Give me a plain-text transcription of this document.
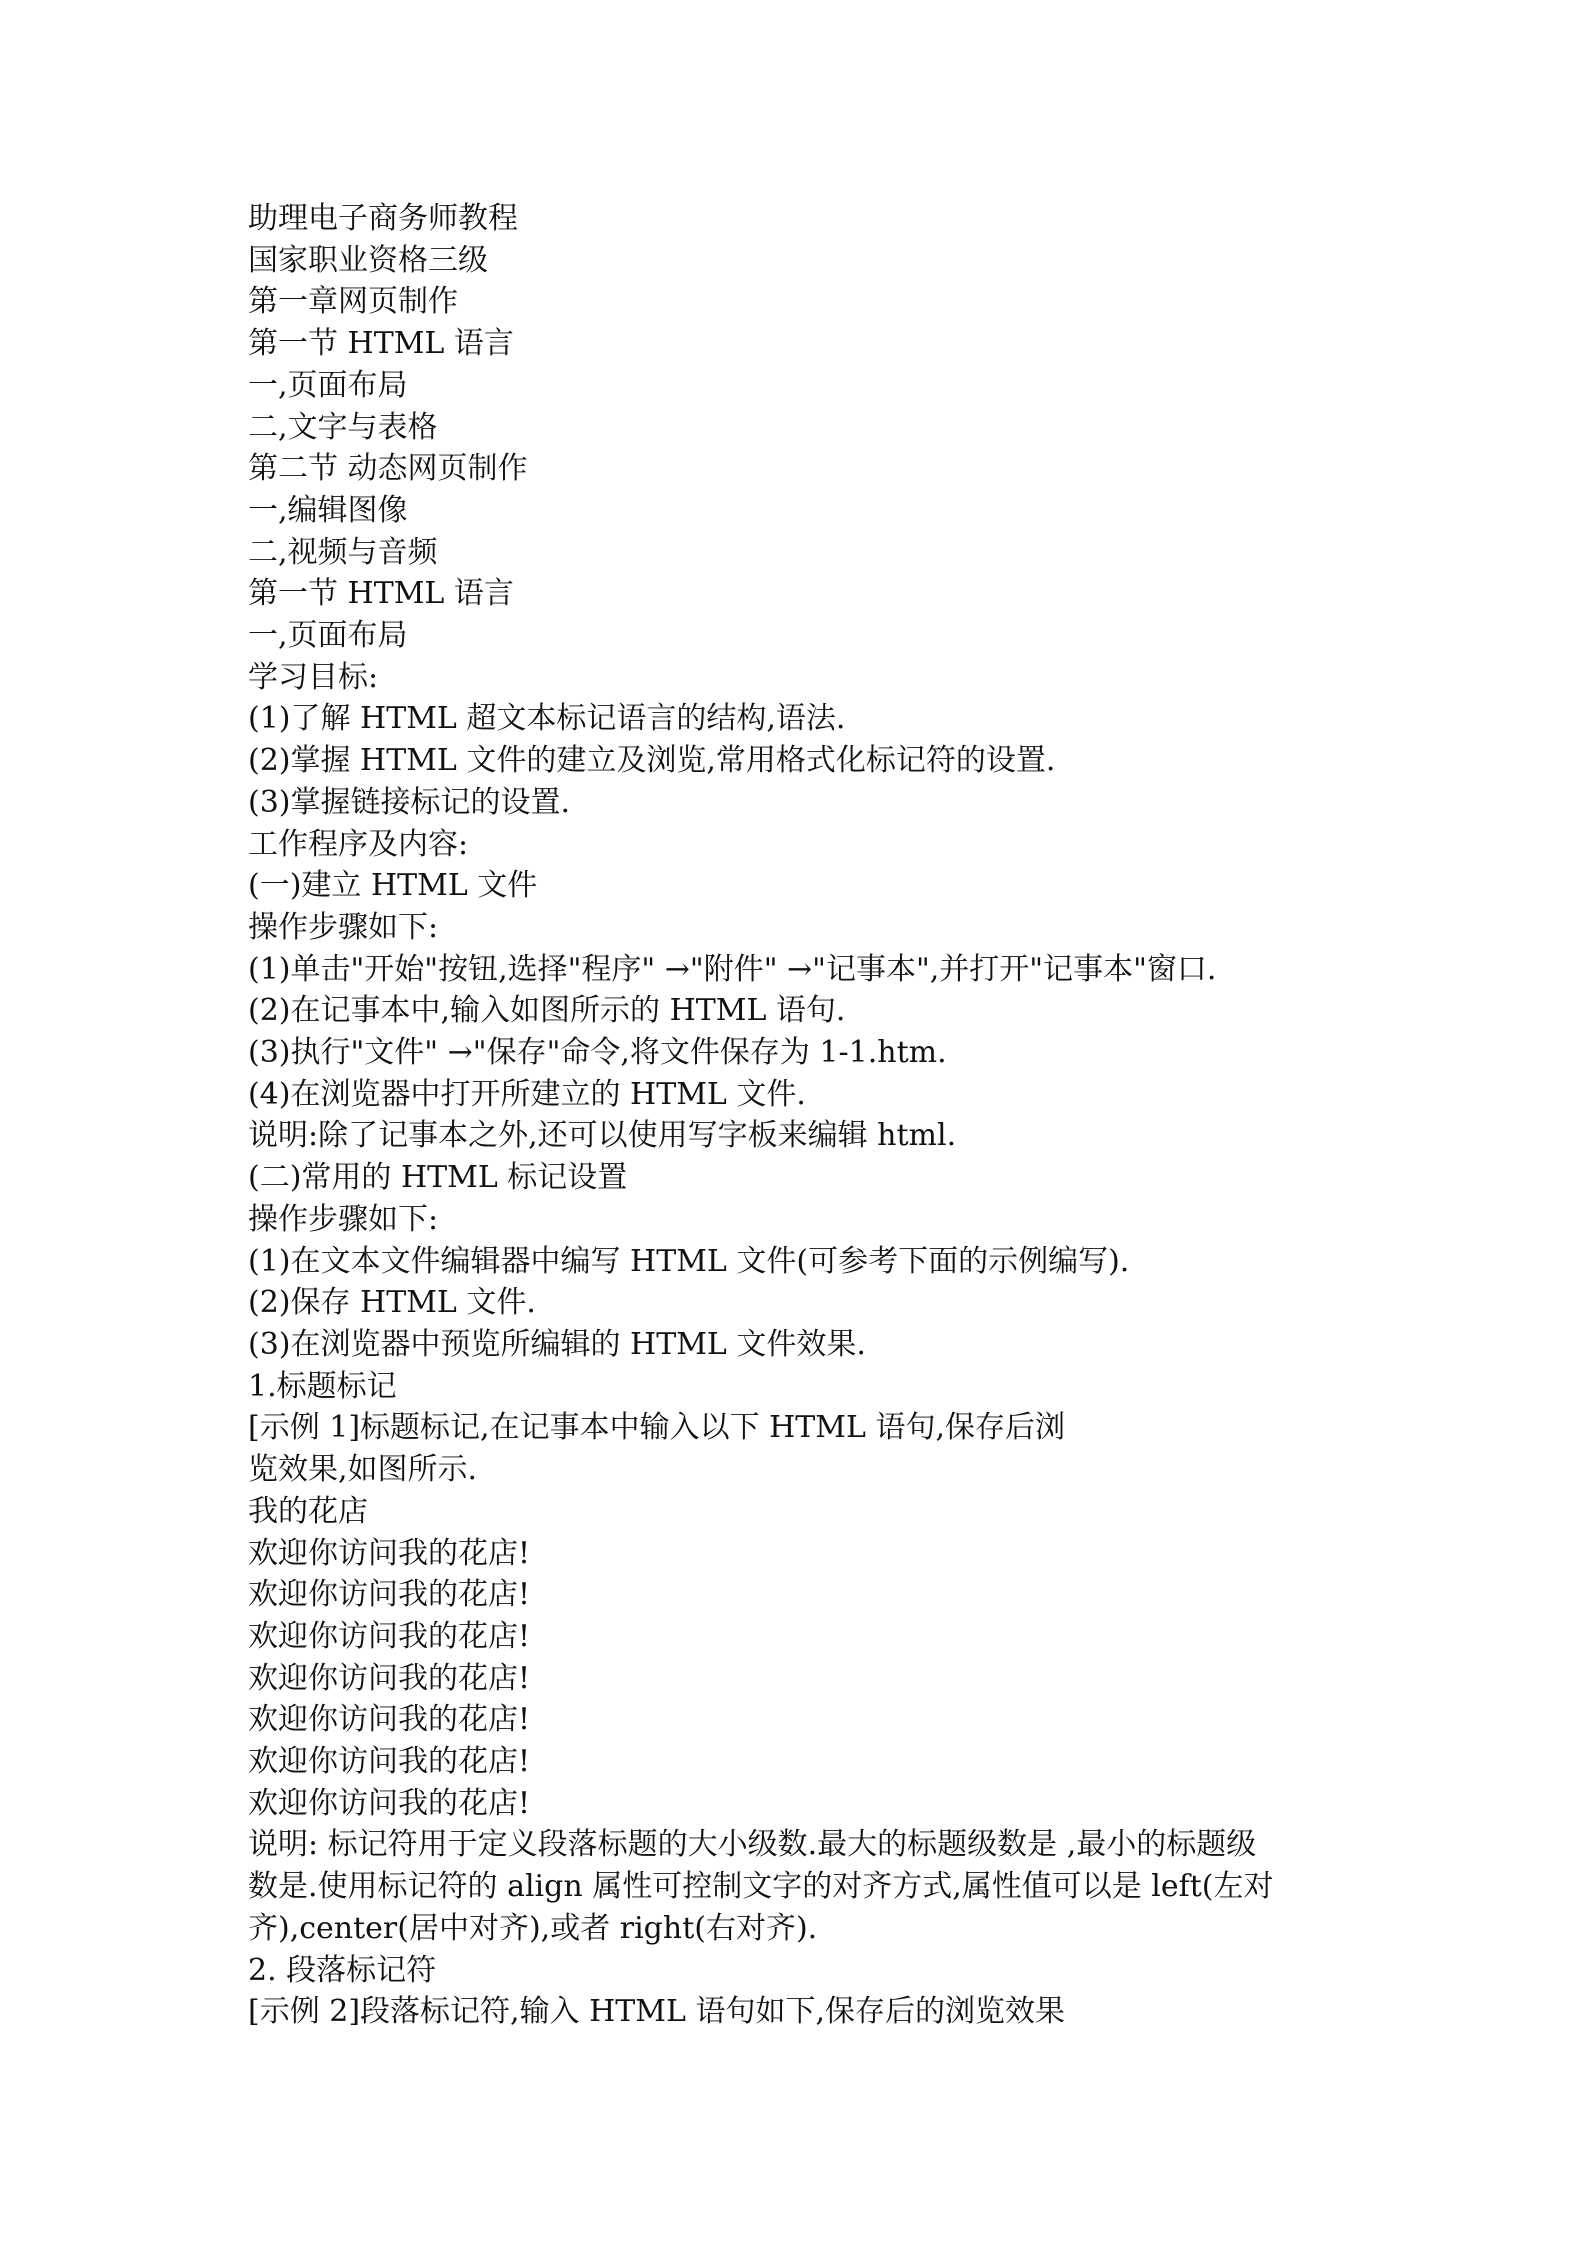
助理电子商务师教程
国家职业资格三级
第一章网页制作
第一节 HTML 语言
一,页面布局
二,文字与表格
第二节 动态网页制作
一,编辑图像
二,视频与音频
第一节 HTML 语言
一,页面布局
学习目标:
(1)了解 HTML 超文本标记语言的结构,语法.
(2)掌握 HTML 文件的建立及浏览,常用格式化标记符的设置.
(3)掌握链接标记的设置.
工作程序及内容:
(一)建立 HTML 文件
操作步骤如下:
(1)单击"开始"按钮,选择"程序" →"附件" →"记事本",并打开"记事本"窗口.
(2)在记事本中,输入如图所示的 HTML 语句.
(3)执行"文件" →"保存"命令,将文件保存为 1-1.htm.
(4)在浏览器中打开所建立的 HTML 文件.
说明:除了记事本之外,还可以使用写字板来编辑 html.
(二)常用的 HTML 标记设置
操作步骤如下:
(1)在文本文件编辑器中编写 HTML 文件(可参考下面的示例编写).
(2)保存 HTML 文件.
(3)在浏览器中预览所编辑的 HTML 文件效果.
1.标题标记
[示例 1]标题标记,在记事本中输入以下 HTML 语句,保存后浏
览效果,如图所示.
我的花店
欢迎你访问我的花店!
欢迎你访问我的花店!
欢迎你访问我的花店!
欢迎你访问我的花店!
欢迎你访问我的花店!
欢迎你访问我的花店!
欢迎你访问我的花店!
说明: 标记符用于定义段落标题的大小级数.最大的标题级数是 ,最小的标题级
数是.使用标记符的 align 属性可控制文字的对齐方式,属性值可以是 left(左对
齐),center(居中对齐),或者 right(右对齐).
2. 段落标记符
[示例 2]段落标记符,输入 HTML 语句如下,保存后的浏览效果
